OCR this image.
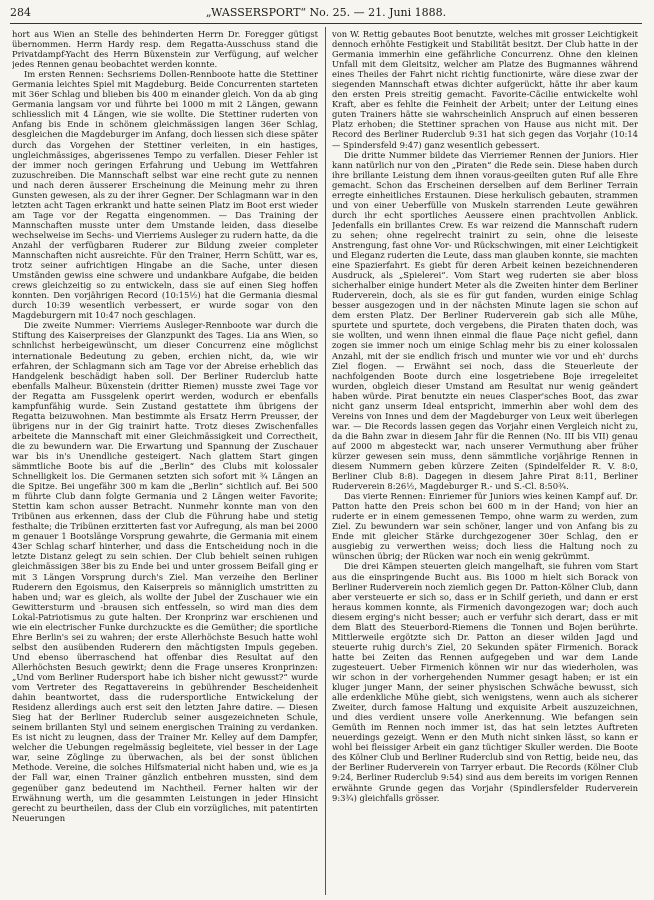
284	„WASSERSPORT“ No. 25. — 21. Juni 1888.

hort aus Wien an Stelle des behinderten Herrn Dr. Foregger gütigst übernommen. Herrn Hardy resp. dem Regatta-Ausschuss stand die Privatdampf-Yacht des Herrn Büxenstein zur Verfügung, auf welcher jedes Rennen genau beobachtet werden konnte.

Im ersten Rennen: Sechsriems Dollen-Rennboote hatte die Stettiner Germania leichtes Spiel mit Magdeburg. Beide Concurrenten starteten mit 36er Schlag und blieben bis 400 m einander gleich. Von da ab ging Germania langsam vor und führte bei 1000 m mit 2 Längen, gewann schliesslich mit 4 Längen, wie sie wollte. Die Stettiner ruderten von Anfang bis Ende in schönem gleichmässigen langen 36er Schlag, desgleichen die Magdeburger im Anfang, doch liessen sich diese später durch das Vorgehen der Stettiner verleiten, in ein hastiges, ungleichmässiges, abgerissenes Tempo zu verfallen. Dieser Fehler ist der immer noch geringen Erfahrung und Uebung im Wettfahren zuzuschreiben. Die Mannschaft selbst war eine recht gute zu nennen und nach deren äusserer Erscheinung die Meinung mehr zu ihren Gunsten gewesen, als zu der ihrer Gegner. Der Schlagmann war in den letzten acht Tagen erkrankt und hatte seinen Platz im Boot erst wieder am Tage vor der Regatta eingenommen. — Das Training der Mannschaften musste unter dem Umstande leiden, dass dieselbe wechselweise im Sechs- und Vierriems Ausleger zu rudern hatte, da die Anzahl der verfügbaren Ruderer zur Bildung zweier completer Mannschaften nicht ausreichte. Für den Trainer, Herrn Schütt, war es, trotz seiner aufrichtigen Hingabe an die Sache, unter diesen Umständen gewiss eine schwere und undankbare Aufgabe, die beiden crews gleichzeitig so zu entwickeln, dass sie auf einen Sieg hoffen konnten. Den vorjährigen Record (10:15½) hat die Germania diesmal durch 10:39 wesentlich verbessert, er wurde sogar von den Magdeburgern mit 10:47 noch geschlagen.

Die zweite Nummer: Vierriems Ausleger-Rennboote war durch die Stiftung des Kaiserpreises der Glanzpunkt des Tages. Lia ans Wien, so schnlichst herbeigewünscht, um dieser Concurrenz eine möglichst internationale Bedeutung zu geben, erchien nicht, da, wie wir erfahren, der Schlagmann sich am Tage vor der Abreise erheblich das Handgelenk beschädigt haben soll. Der Berliner Ruderclub hatte ebenfalls Malheur. Büxenstein (dritter Riemen) musste zwei Tage vor der Regatta am Fussgelenk operirt werden, wodurch er ebenfalls kampfunfähig wurde. Sein Zustand gestattete ihm übrigens der Regatta beizuwohnen. Man bestimmte als Ersatz Herrn Preusser, der übrigens nur in der Gig trainirt hatte. Trotz dieses Zwischenfalles arbeitete die Mannschaft mit einer Gleichmässigkeit und Correctheit, die zu bewundern war. Die Erwartung und Spannung der Zuschauer war bis in's Unendliche gesteigert. Nach glattem Start gingen sämmtliche Boote bis auf die „Berlin“ des Clubs mit kolossaler Schnelligkeit los. Die Germanen setzten sich sofort mit ¾ Längen an die Spitze. Bei ungefähr 300 m kam die „Berlin“ sichtlich auf. Bei 500 m führte Club dann folgte Germania und 2 Längen weiter Favorite; Stettin kam schon ausser Betracht. Nunmehr konnte man von den Tribünen aus erkennen, dass der Club die Führung habe und stetig festhalte; die Tribünen erzitterten fast vor Aufregung, als man bei 2000 m genauer 1 Bootslänge Vorsprung gewahrte, die Germania mit einem 43er Schlag scharf hinterher, und dass die Entscheidung noch in die letzte Distanz gelegt zu sein schien. Der Club behielt seinen ruhigen gleichmässigen 38er bis zu Ende bei und unter grossem Beifall ging er mit 3 Längen Vorsprung durch's Ziel. Man verzeihe den Berliner Ruderern den Egoismus, den Kaiserpreis so männiglich umstritten zu haben und; war es gleich, als wollte der Jubel der Zuschauer wie ein Gewittersturm und -brausen sich entfesseln, so wird man dies dem Lokal-Patriotismus zu gute halten. Der Kronprinz war erschienen und wie ein electrischer Funke durchzuckte es die Gemüther; die sportliche Ehre Berlin's sei zu wahren; der erste Allerhöchste Besuch hatte wohl selbst den ausübenden Ruderern den mächtigsten Impuls gegeben. Und ebenso überraschend hat offenbar dies Resultat auf den Allerhöchsten Besuch gewirkt; denn die Frage unseres Kronprinzen: „Und vom Berliner Rudersport habe ich bisher nicht gewusst?“ wurde vom Vertreter des Regattavereins in gebührender Bescheidenheit dahin beantwortet, dass die rudersportliche Entwickelung der Residenz allerdings auch erst seit den letzten Jahre datire. — Diesen Sieg hat der Berliner Ruderclub seiner ausgezeichneten Schule, seinem brillanten Styl und seinem energischen Training zu verdanken. Es ist nicht zu leugnen, dass der Trainer Mr. Kelley auf dem Dampfer, welcher die Uebungen regelmässig begleitete, viel besser in der Lage war, seine Zöglinge zu überwachen, als bei der sonst üblichen Methode. Vereine, die solches Hilfsmaterial nicht haben und, wie es ja der Fall war, einen Trainer gänzlich entbehren mussten, sind dem gegenüber ganz bedeutend im Nachtheil. Ferner halten wir der Erwähnung werth, um die gesammten Leistungen in jeder Hinsicht gerecht zu beurtheilen, dass der Club ein vorzügliches, mit patentirten Neuerungen

von W. Rettig gebautes Boot benutzte, welches mit grosser Leichtigkeit dennoch erhöhte Festigkeit und Stabilität besitzt. Der Club hatte in der Germania immerhin eine gefährliche Concurrenz. Ohne den kleinen Unfall mit dem Gleitsitz, welcher am Platze des Bugmannes während eines Theiles der Fahrt nicht richtig functionirte, wäre diese zwar der siegenden Mannschaft etwas dichter aufgerückt, hätte ihr aber kaum den ersten Preis streitig gemacht. Favorite-Cäcilie entwickelte wohl Kraft, aber es fehlte die Feinheit der Arbeit; unter der Leitung eines guten Trainers hätte sie wahrscheinlich Anspruch auf einen besseren Platz erhoben; die Stettiner sprachen von Hause aus nicht mit. Der Record des Berliner Ruderclub 9:31 hat sich gegen das Vorjahr (10:14 — Spindersfeld 9:47) ganz wesentlich gebessert.

Die dritte Nummer bildete das Vierriemer Rennen der Juniors. Hier kann natürlich nur von den „Piraten“ die Rede sein. Diese haben durch ihre brillante Leistung dem ihnen voraus-geeilten guten Ruf alle Ehre gemacht. Schon das Erscheinen derselben auf dem Berliner Terrain erregte einheitliches Erstaunen. Diese herkulisch gebauten, strammen und von einer Ueberfülle von Muskeln starrenden Leute gewähren durch ihr echt sportliches Aeussere einen prachtvollen Anblick. Jedenfalls ein brillantes Crew. Es war reizend die Mannschaft rudern zu sehen; ohne regelrecht trainirt zu sein, ohne die leiseste Anstrengung, fast ohne Vor- und Rückschwingen, mit einer Leichtigkeit und Eleganz ruderten die Leute, dass man glauben konnte, sie machten eine Spazierfahrt. Es giebt für deren Arbeit keinen bezeichnenderen Ausdruck, als „Spielerei“. Vom Start weg ruderten sie aber bloss sicherhalber einige hundert Meter als die Zweiten hinter dem Berliner Ruderverein, doch, als sie es für gut fanden, wurden einige Schlag besser ausgezogen und in der nächsten Minute lagen sie schon auf dem ersten Platz. Der Berliner Ruderverein gab sich alle Mühe, spurtete und spurtete, doch vergebens, die Piraten thaten doch, was sie wollten, und wenn ihnen einmal die flaue Paçe nicht gefiel, dann zogen sie immer noch um einige Schlag mehr bis zu einer kolossalen Anzahl, mit der sie endlich frisch und munter wie vor und eh' durchs Ziel flogen. — Erwähnt sei noch, dass die Steuerleute der nachfolgenden Boote durch eine losgetriebene Boje irregeleitet wurden, obgleich dieser Umstand am Resultat nur wenig geändert haben würde. Pirat benutzte ein neues Clasper'sches Boot, das zwar nicht ganz unserm Ideal entspricht, immerhin aber wohl dem des Vereins von Innes und dem der Magdeburger von Leux weit überlegen war. — Die Records lassen gegen das Vorjahr einen Vergleich nicht zu, da die Bahn zwar in diesem Jahr für die Rennen (No. III bis VII) genau auf 2000 m abgesteckt war, nach unserer Vermuthung aber früher kürzer gewesen sein muss, denn sämmtliche vorjährige Rennen in diesem Nummern geben kürzere Zeiten (Spindelfelder R. V. 8:0, Berliner Club 8:8). Dagegen in diesem Jahre Pirat 8:11, Berliner Ruderverein 8:26½, Magdeburger R.- und S.-Cl. 8:50¾.

Das vierte Rennen: Einriemer für Juniors wies keinen Kampf auf. Dr. Patton hatte den Preis schon bei 600 m in der Hand; von hier an ruderte er in einem gemessenen Tempo, ohne warm zu werden, zum Ziel. Zu bewundern war sein schöner, langer und von Anfang bis zu Ende mit gleicher Stärke durchgezogener 30er Schlag, den er ausgiebig zu verwerthen weiss; doch liess die Haltung noch zu wünschen übrig; der Rücken war noch ein wenig gekrümmt.

Die drei Kämpen steuerten gleich mangelhaft, sie fuhren vom Start aus die einspringende Bucht aus. Bis 1000 m hielt sich Borack von Berliner Ruderverein noch ziemlich gegen Dr. Patton-Kölner Club, dann aber versteuerte er sich so, dass er in Schilf gerieth, und dann er erst heraus kommen konnte, als Firmenich davongezogen war; doch auch diesem erging's nicht besser; auch er verfuhr sich derart, dass er mit dem Blatt des Steuerbord-Riemens die Tonnen und Bojen berührte. Mittlerweile ergötzte sich Dr. Patton an dieser wilden Jagd und steuerte ruhig durch's Ziel, 20 Sekunden später Firmenich. Borack hatte bei Zeiten das Rennen aufgegeben und war dem Lande zugesteuert. Ueber Firmenich können wir nur das wiederholen, was wir schon in der vorhergehenden Nummer gesagt haben; er ist ein kluger junger Mann, der seiner physischen Schwäche bewusst, sich alle erdenkliche Mühe giebt, sich wenigstens, wenn auch als sicherer Zweiter, durch famose Haltung und exquisite Arbeit auszuzeichnen, und dies verdient unsere volle Anerkennung. Wie befangen sein Gemüth im Rennen noch immer ist, das hat sein letztes Auftreten neuerdings gezeigt. Wenn er den Muth nicht sinken lässt, so kann er wohl bei fleissiger Arbeit ein ganz tüchtiger Skuller werden. Die Boote des Kölner Club und Berliner Ruderclub sind von Rettig, beide neu, das der Berliner Ruderverein von Tarryer erbaut. Die Records (Kölner Club 9:24, Berliner Ruderclub 9:54) sind aus dem bereits im vorigen Rennen erwähnte Grunde gegen das Vorjahr (Spindlersfelder Ruderverein 9:3¾) gleichfalls grösser.
